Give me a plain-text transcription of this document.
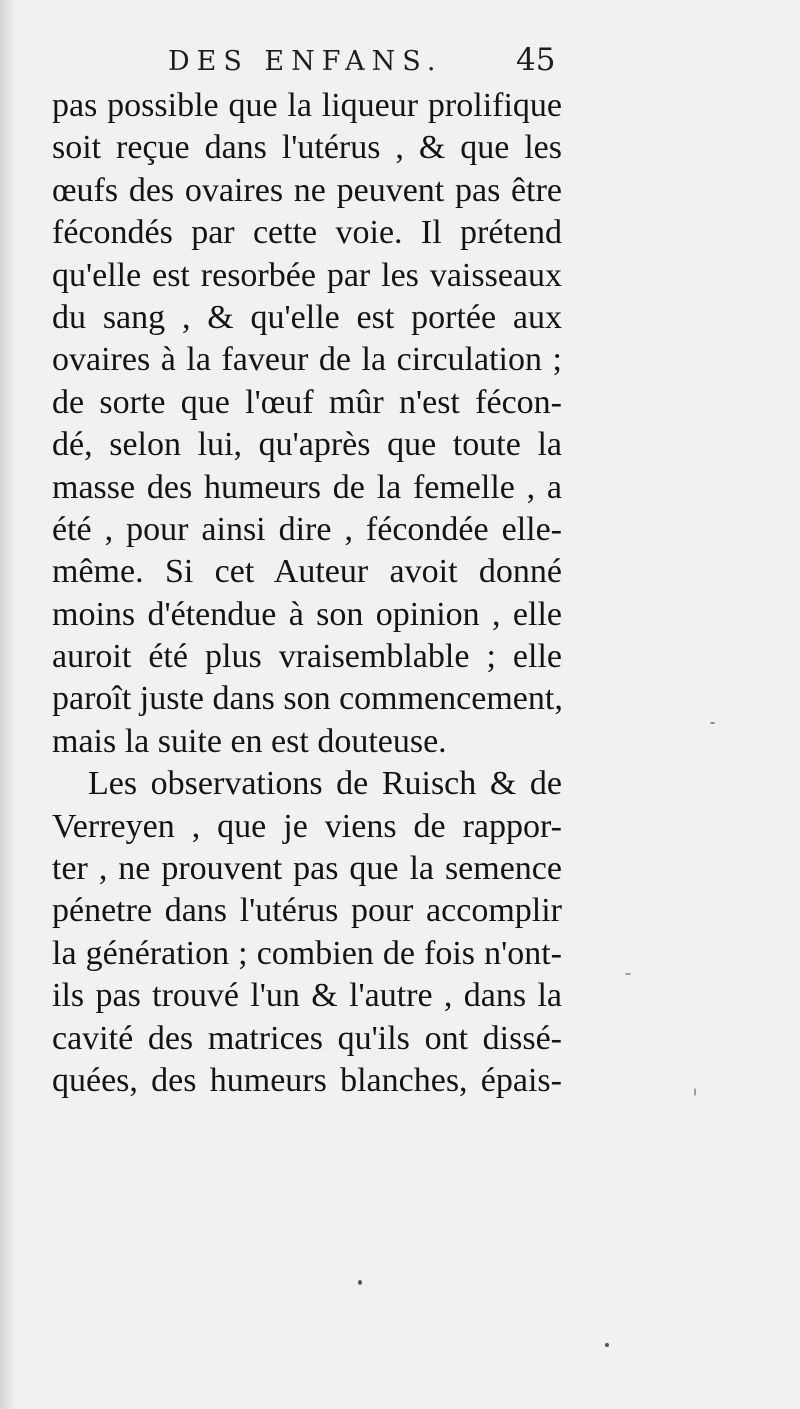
DES ENFANS. 45
pas possible que la liqueur prolifique
soit reçue dans l'utérus , & que les
œufs des ovaires ne peuvent pas être
fécondés par cette voie. Il prétend
qu'elle est resorbée par les vaisseaux
du sang , & qu'elle est portée aux
ovaires à la faveur de la circulation ;
de sorte que l'œuf mûr n'est fécon-
dé, selon lui, qu'après que toute la
masse des humeurs de la femelle , a
été , pour ainsi dire , fécondée elle-
même. Si cet Auteur avoit donné
moins d'étendue à son opinion , elle
auroit été plus vraisemblable ; elle
paroît juste dans son commencement,
mais la suite en est douteuse.
Les observations de Ruisch & de
Verreyen , que je viens de rappor-
ter , ne prouvent pas que la semence
pénetre dans l'utérus pour accomplir
la génération ; combien de fois n'ont-
ils pas trouvé l'un & l'autre , dans la
cavité des matrices qu'ils ont dissé-
quées, des humeurs blanches, épais-
